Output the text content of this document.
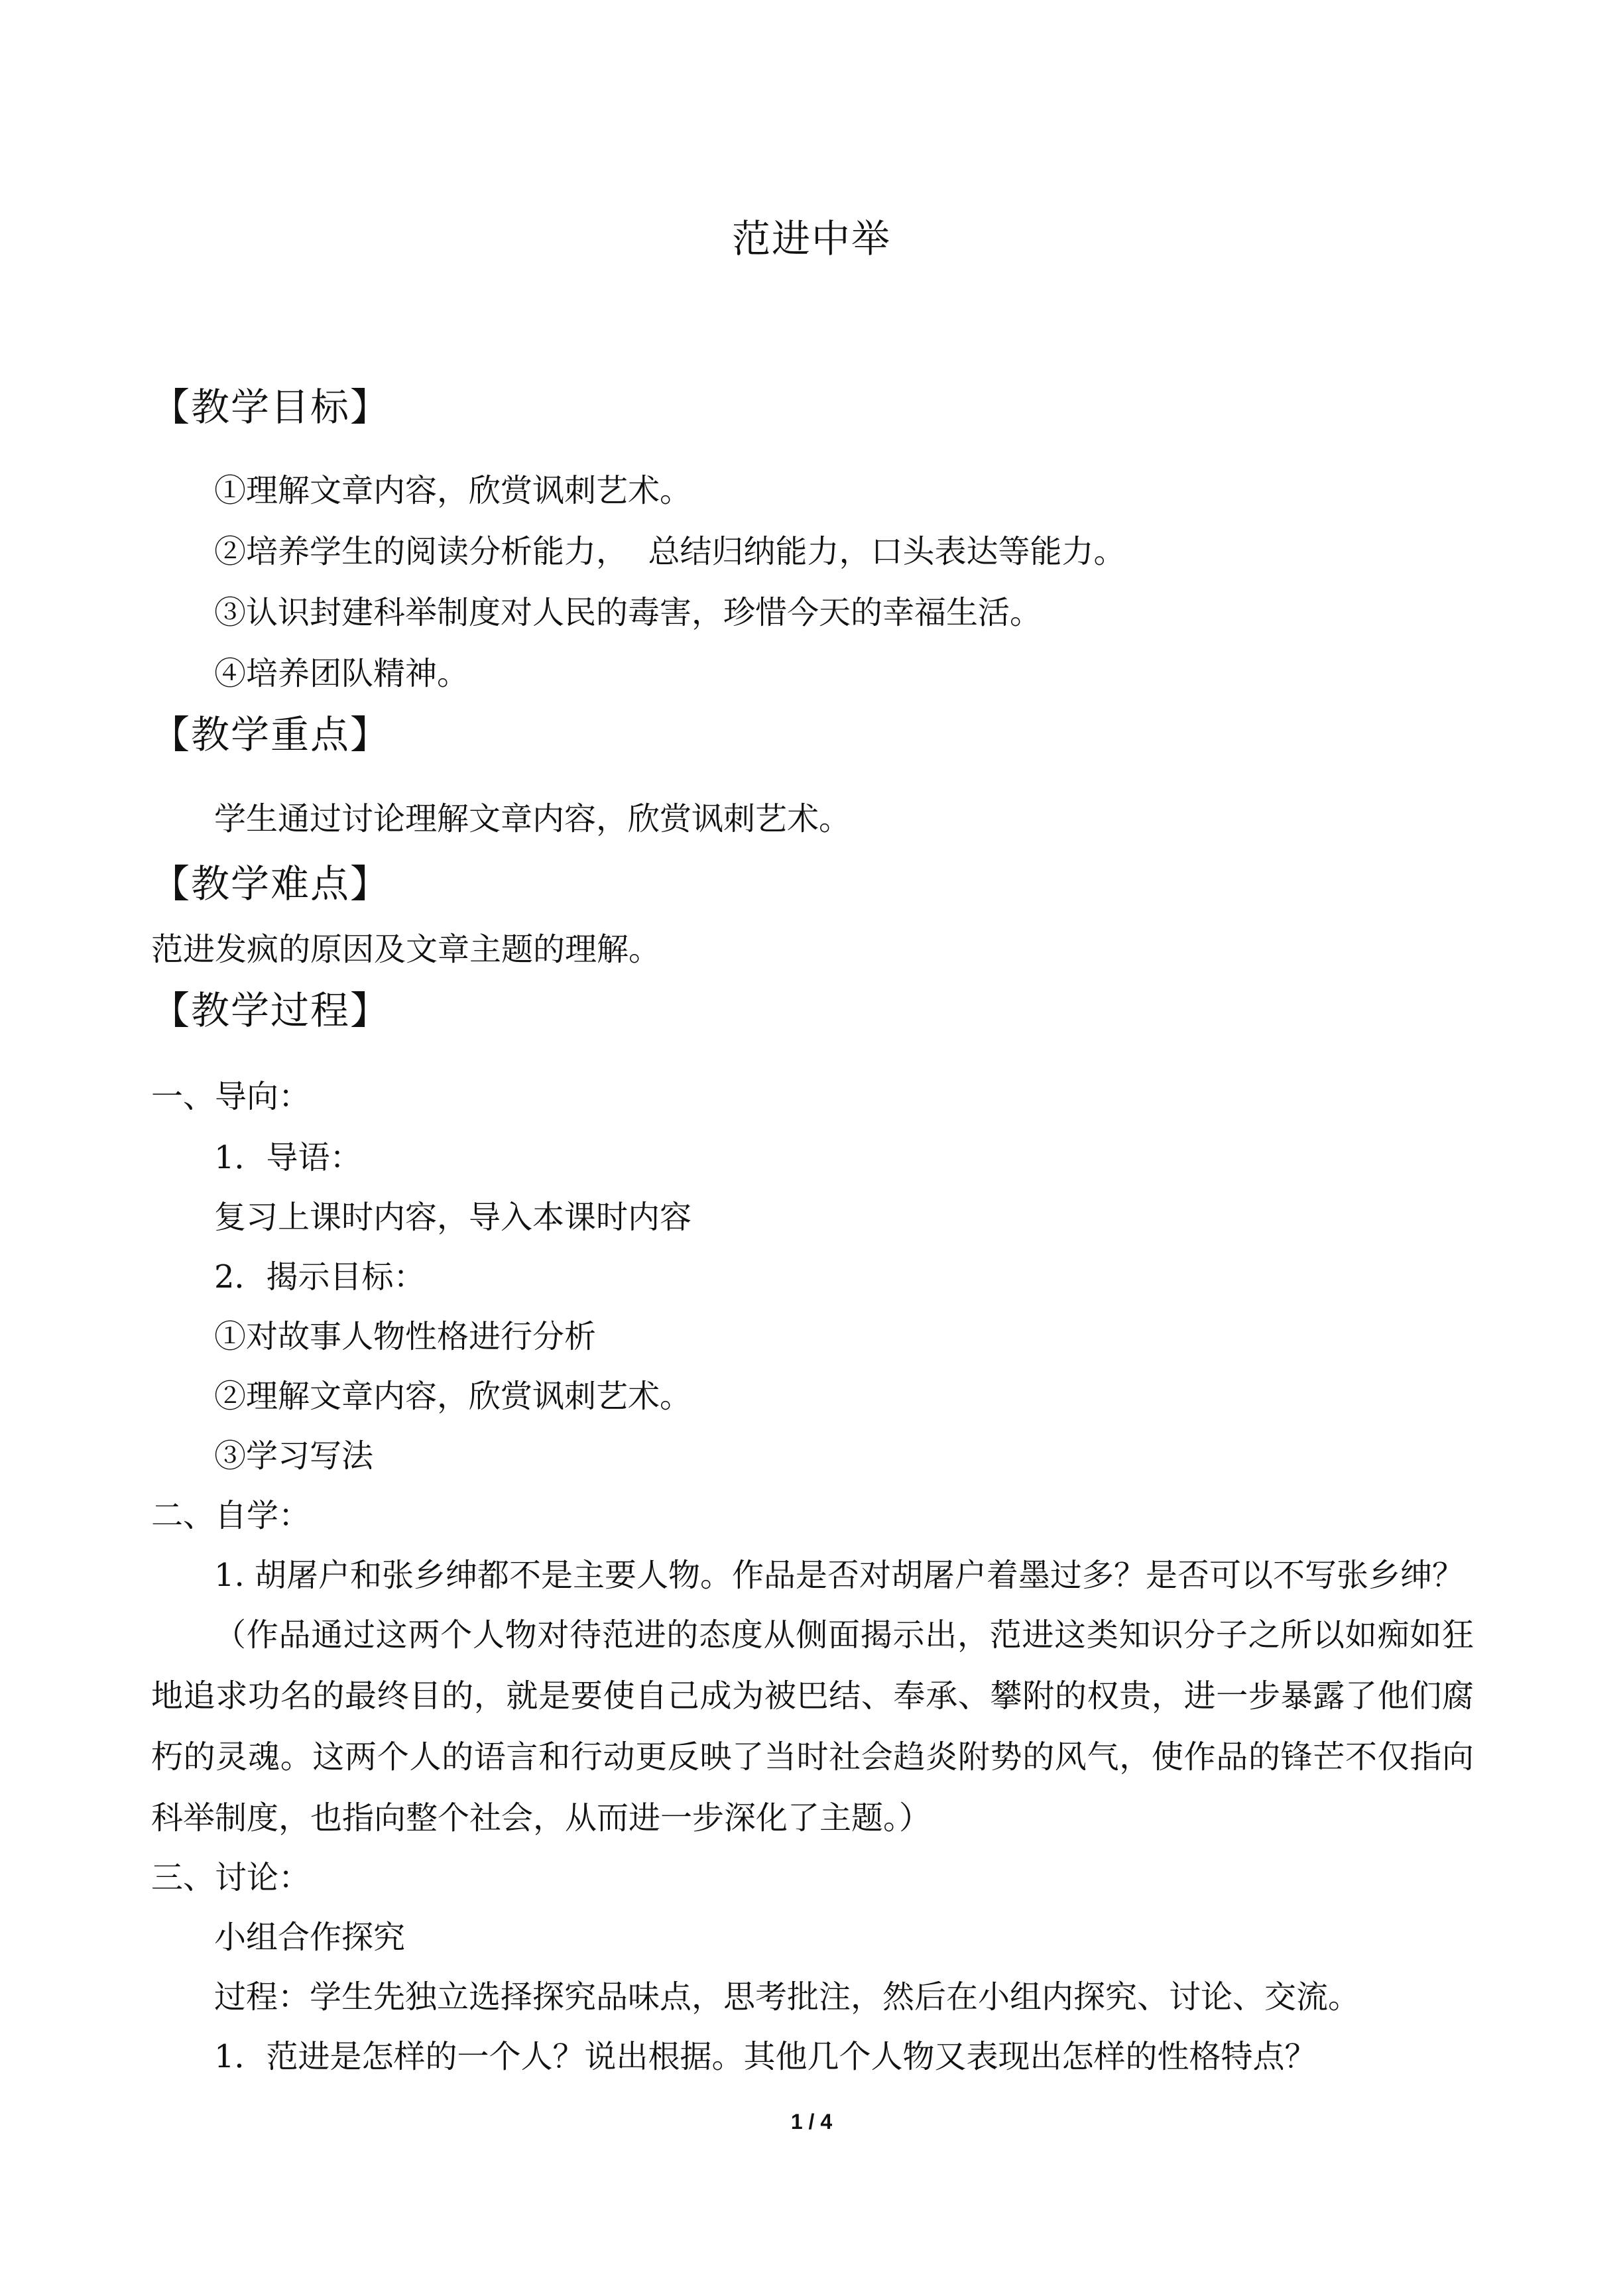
范进中举
【教学目标】
①理解文章内容，欣赏讽刺艺术。
②培养学生的阅读分析能力，  总结归纳能力，口头表达等能力。
③认识封建科举制度对人民的毒害，珍惜今天的幸福生活。
④培养团队精神。
【教学重点】
学生通过讨论理解文章内容，欣赏讽刺艺术。
【教学难点】
范进发疯的原因及文章主题的理解。
【教学过程】
一、导向：
1．导语：
复习上课时内容，导入本课时内容
2．揭示目标：
①对故事人物性格进行分析
②理解文章内容，欣赏讽刺艺术。
③学习写法
二、自学：
1. 胡屠户和张乡绅都不是主要人物。作品是否对胡屠户着墨过多？是否可以不写张乡绅？
（作品通过这两个人物对待范进的态度从侧面揭示出，范进这类知识分子之所以如痴如狂地追求功名的最终目的，就是要使自己成为被巴结、奉承、攀附的权贵，进一步暴露了他们腐朽的灵魂。这两个人的语言和行动更反映了当时社会趋炎附势的风气，使作品的锋芒不仅指向科举制度，也指向整个社会，从而进一步深化了主题。）
三、讨论：
小组合作探究
过程：学生先独立选择探究品味点，思考批注，然后在小组内探究、讨论、交流。
1．范进是怎样的一个人？说出根据。其他几个人物又表现出怎样的性格特点？
1 / 4
